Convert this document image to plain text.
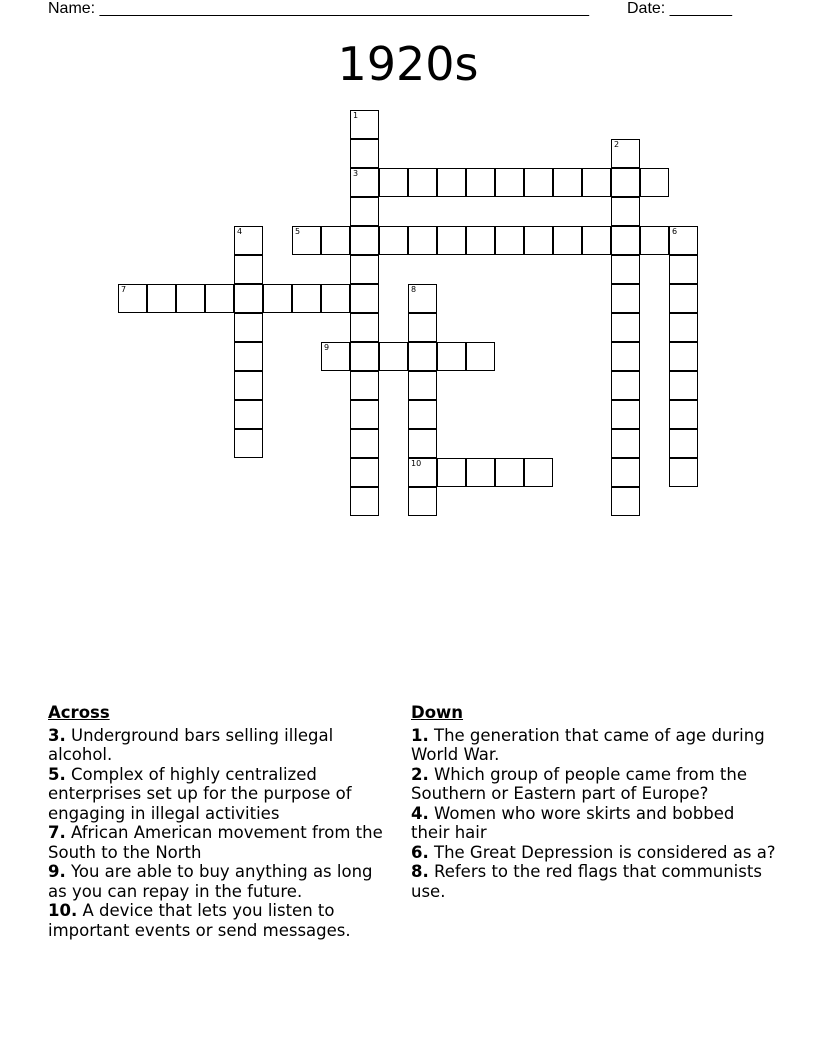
Name: _______________________________________________________ Date: _______
1920s
1
3
2
4	5	6
7	8
9
10
Across
3. Underground bars selling illegal alcohol.
5. Complex of highly centralized enterprises set up for the purpose of engaging in illegal activities
7. African American movement from the South to the North
9. You are able to buy anything as long as you can repay in the future.
10. A device that lets you listen to important events or send messages.
Down
1. The generation that came of age during World War.
2. Which group of people came from the Southern or Eastern part of Europe?
4. Women who wore skirts and bobbed their hair
6. The Great Depression is considered as a?
8. Refers to the red flags that communists use.
